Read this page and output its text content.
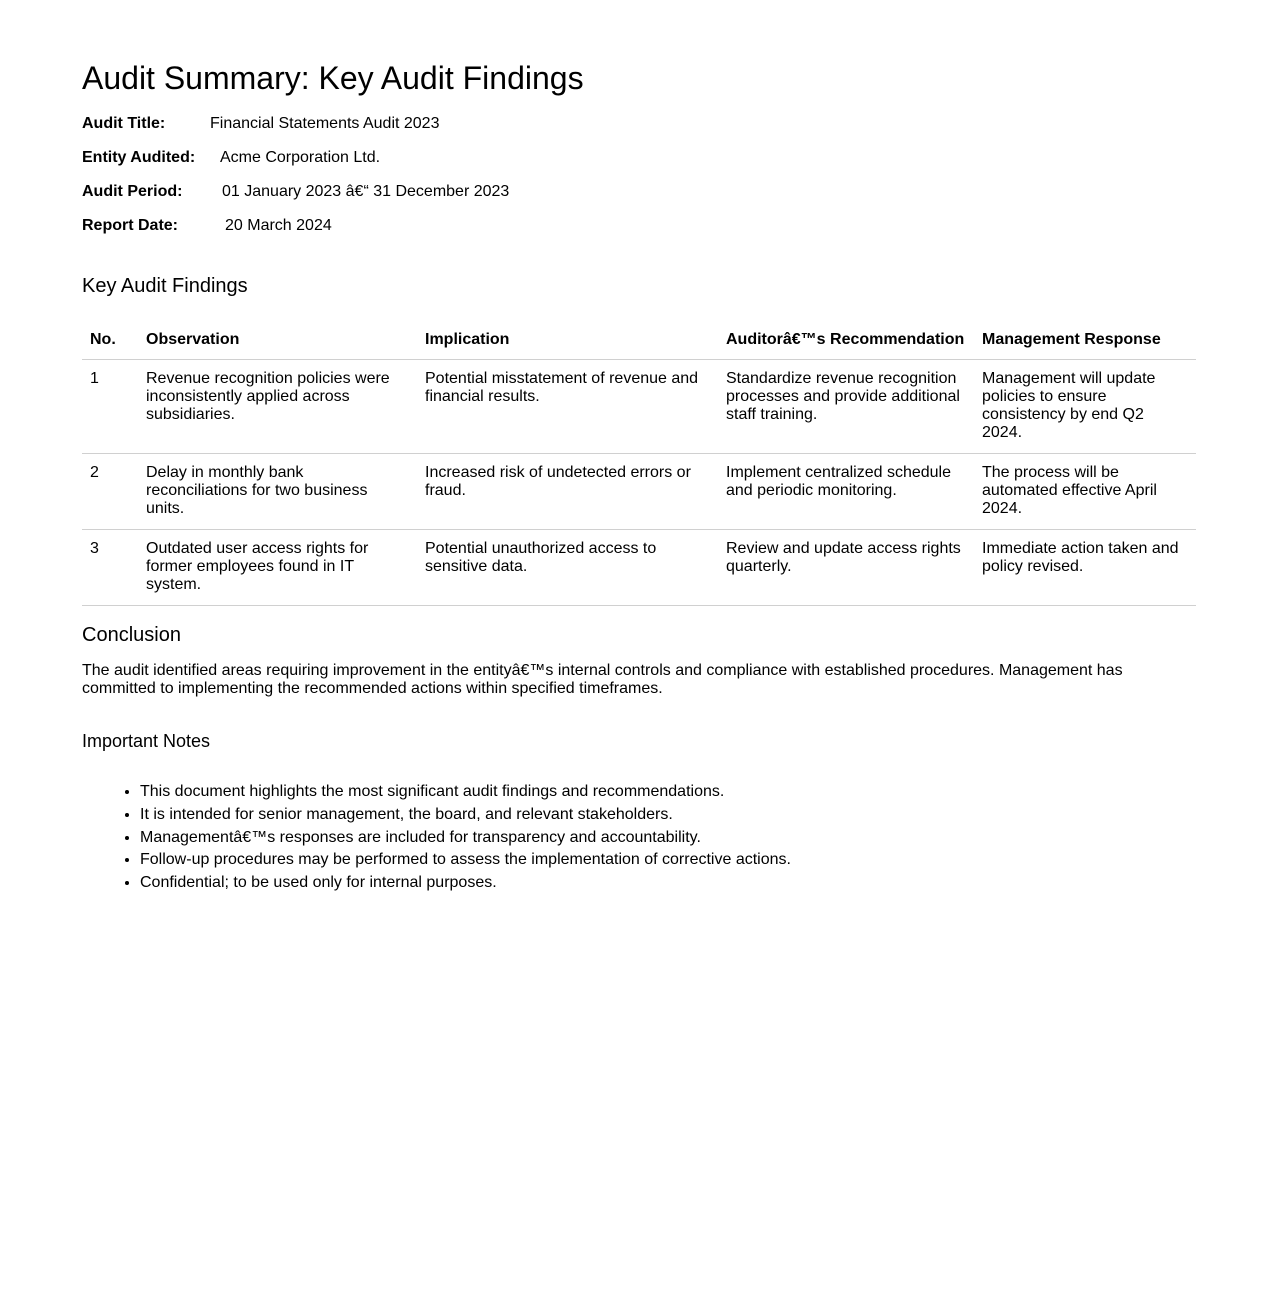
Audit Summary: Key Audit Findings
Audit Title:	Financial Statements Audit 2023
Entity Audited: Acme Corporation Ltd.
Audit Period: 01 January 2023 â€“ 31 December 2023
Report Date:	20 March 2024
Key Audit Findings
No.	Observation	Implication	Auditorâ€™s Recommendation	Management Response
1	Revenue recognition policies were inconsistently applied across subsidiaries.	Potential misstatement of revenue and financial results.	Standardize revenue recognition processes and provide additional staff training.	Management will update policies to ensure consistency by end Q2 2024.
2	Delay in monthly bank reconciliations for two business units.	Increased risk of undetected errors or fraud.	Implement centralized schedule and periodic monitoring.	The process will be automated effective April 2024.
3	Outdated user access rights for former employees found in IT system.	Potential unauthorized access to sensitive data.	Review and update access rights quarterly.	Immediate action taken and policy revised.
Conclusion

The audit identified areas requiring improvement in the entityâ€™s internal controls and compliance with established procedures. Management has committed to implementing the recommended actions within specified timeframes.

Important Notes
• This document highlights the most significant audit findings and recommendations.
• It is intended for senior management, the board, and relevant stakeholders.
• Managementâ€™s responses are included for transparency and accountability.
• Follow-up procedures may be performed to assess the implementation of corrective actions.
• Confidential; to be used only for internal purposes.
